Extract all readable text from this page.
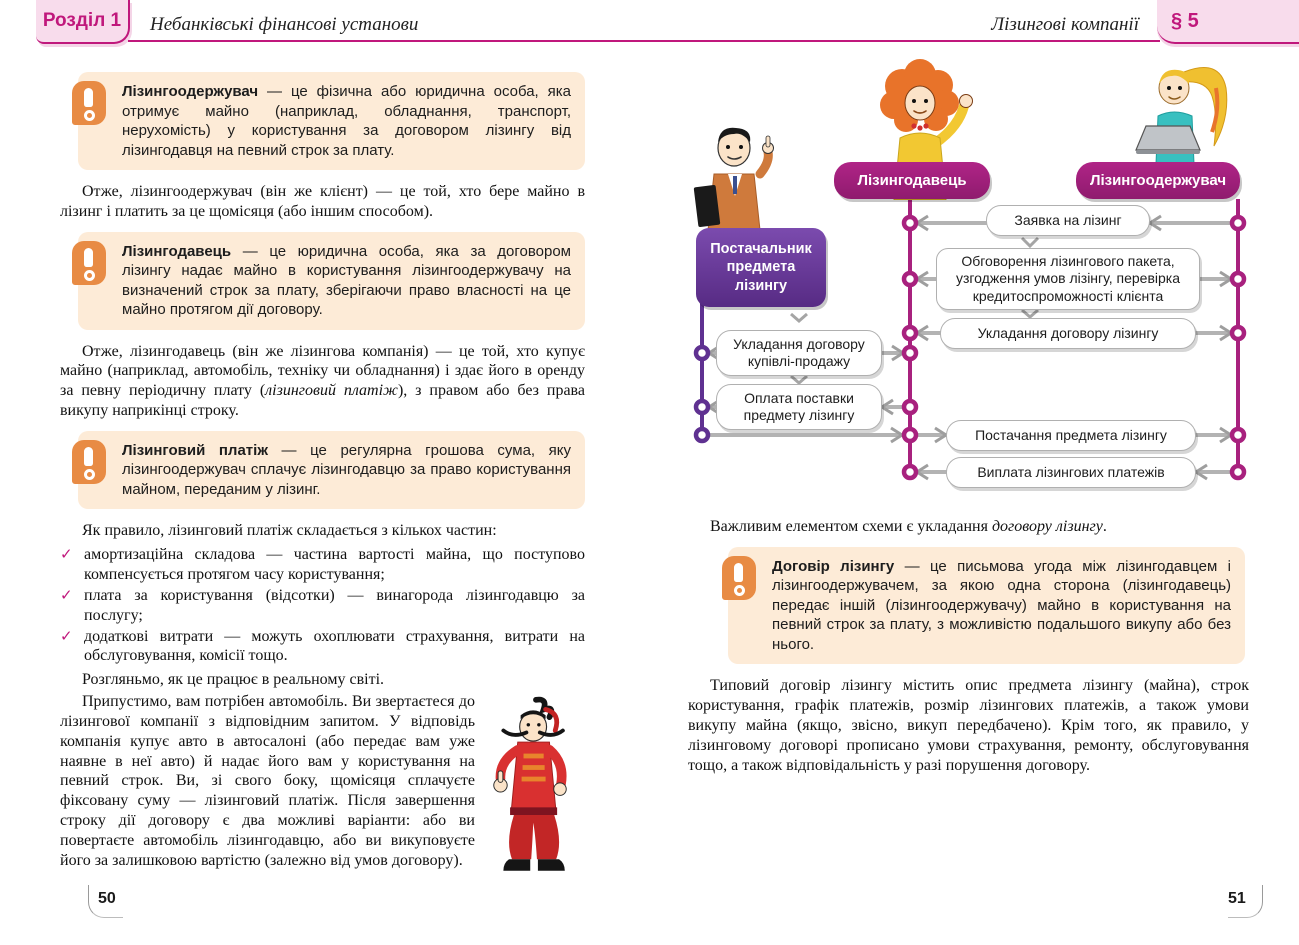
Розділ 1 Небанківські фінансові установи	Лізингові компанії § 5

Лізингоодержувач — це фізична або юридична особа, яка отримує майно (наприклад, обладнання, транспорт, нерухомість) у користування за договором лізингу від лізингодавця на певний строк за плату.

Отже, лізингоодержувач (він же клієнт) — це той, хто бере майно в лізинг і платить за це щомісяця (або іншим способом).

Лізингодавець — це юридична особа, яка за договором лізингу надає майно в користування лізингоодержувачу на визначений строк за плату, зберігаючи право власності на це майно протягом дії договору.

Отже, лізингодавець (він же лізингова компанія) — це той, хто купує майно (наприклад, автомобіль, техніку чи обладнання) і здає його в оренду за певну періодичну плату (лізинговий платіж), з правом або без права викупу наприкінці строку.

Лізинговий платіж — це регулярна грошова сума, яку лізингоодержувач сплачує лізингодавцю за право користування майном, переданим у лізинг.

Як правило, лізинговий платіж складається з кількох частин:

✓ амортизаційна складова — частина вартості майна, що поступово компенсується протягом часу користування;
✓ плата за користування (відсотки) — винагорода лізингодавцю за послугу;
✓ додаткові витрати — можуть охоплювати страхування, витрати на обслуговування, комісії тощо.

Розгляньмо, як це працює в реальному світі.

Припустимо, вам потрібен автомобіль. Ви звертаєтеся до лізингової компанії з відповідним запитом. У відповідь компанія купує авто в автосалоні (або передає вам уже наявне в неї авто) й надає його вам у користування на певний строк. Ви, зі свого боку, щомісяця сплачуєте фіксовану суму — лізинговий платіж. Після завершення строку дії договору є два можливі варіанти: або ви повертаєте автомобіль лізингодавцю, або ви викуповуєте його за залишковою вартістю (залежно від умов договору).

Лізингодавець	Лізингоодержувач
Постачальник предмета лізингу
Заявка на лізинг
Обговорення лізингового пакета, узгодження умов лізінгу, перевірка кредитоспроможності клієнта
Укладання договору лізингу
Укладання договору купівлі-продажу
Оплата поставки предмету лізингу
Постачання предмета лізингу
Виплата лізингових платежів

Важливим елементом схеми є укладання договору лізингу.

Договір лізингу — це письмова угода між лізингодавцем і лізингоодержувачем, за якою одна сторона (лізингодавець) передає іншій (лізингоодержувачу) майно в користування на певний строк за плату, з можливістю подальшого викупу або без нього.

Типовий договір лізингу містить опис предмета лізингу (майна), строк користування, графік платежів, розмір лізингових платежів, а також умови викупу майна (якщо, звісно, викуп передбачено). Крім того, як правило, у лізинговому договорі прописано умови страхування, ремонту, обслуговування тощо, а також відповідальність у разі порушення договору.

50	51
